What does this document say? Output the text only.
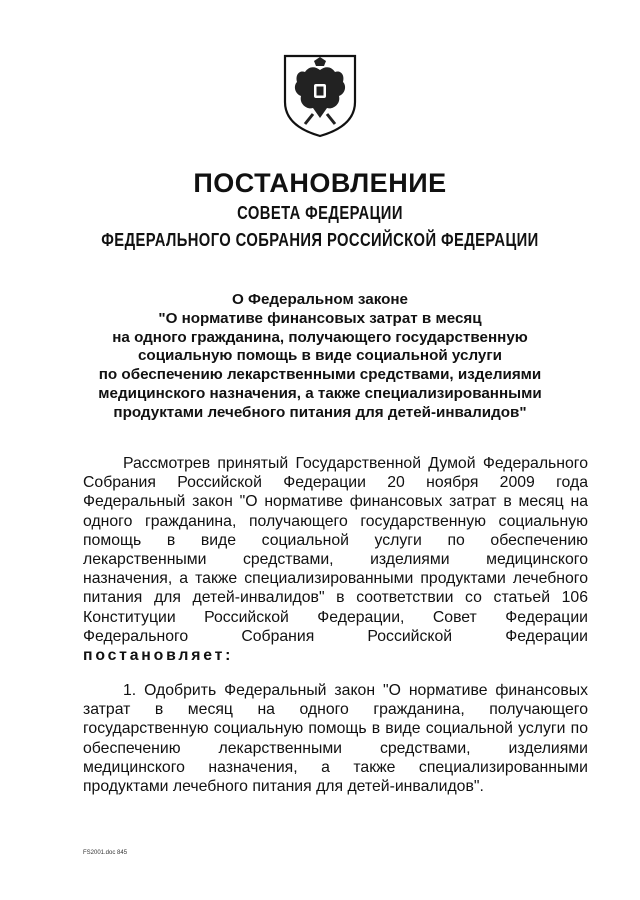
ПОСТАНОВЛЕНИЕ
СОВЕТА ФЕДЕРАЦИИ
ФЕДЕРАЛЬНОГО СОБРАНИЯ РОССИЙСКОЙ ФЕДЕРАЦИИ
О Федеральном законе
"О нормативе финансовых затрат в месяц
на одного гражданина, получающего государственную
социальную помощь в виде социальной услуги
по обеспечению лекарственными средствами, изделиями
медицинского назначения, а также специализированными
продуктами лечебного питания для детей-инвалидов"
Рассмотрев принятый Государственной Думой Федерального
Собрания Российской Федерации 20 ноября 2009 года
Федеральный закон "О нормативе финансовых затрат в месяц на
одного гражданина, получающего государственную социальную
помощь в виде социальной услуги по обеспечению
лекарственными средствами, изделиями медицинского
назначения, а также специализированными продуктами лечебного
питания для детей-инвалидов" в соответствии со статьей 106
Конституции Российской Федерации, Совет Федерации
Федерального Собрания Российской Федерации
постановляет:
1. Одобрить Федеральный закон "О нормативе финансовых
затрат в месяц на одного гражданина, получающего
государственную социальную помощь в виде социальной услуги по
обеспечению лекарственными средствами, изделиями
медицинского назначения, а также специализированными
продуктами лечебного питания для детей-инвалидов".
FS2001.doc 845
